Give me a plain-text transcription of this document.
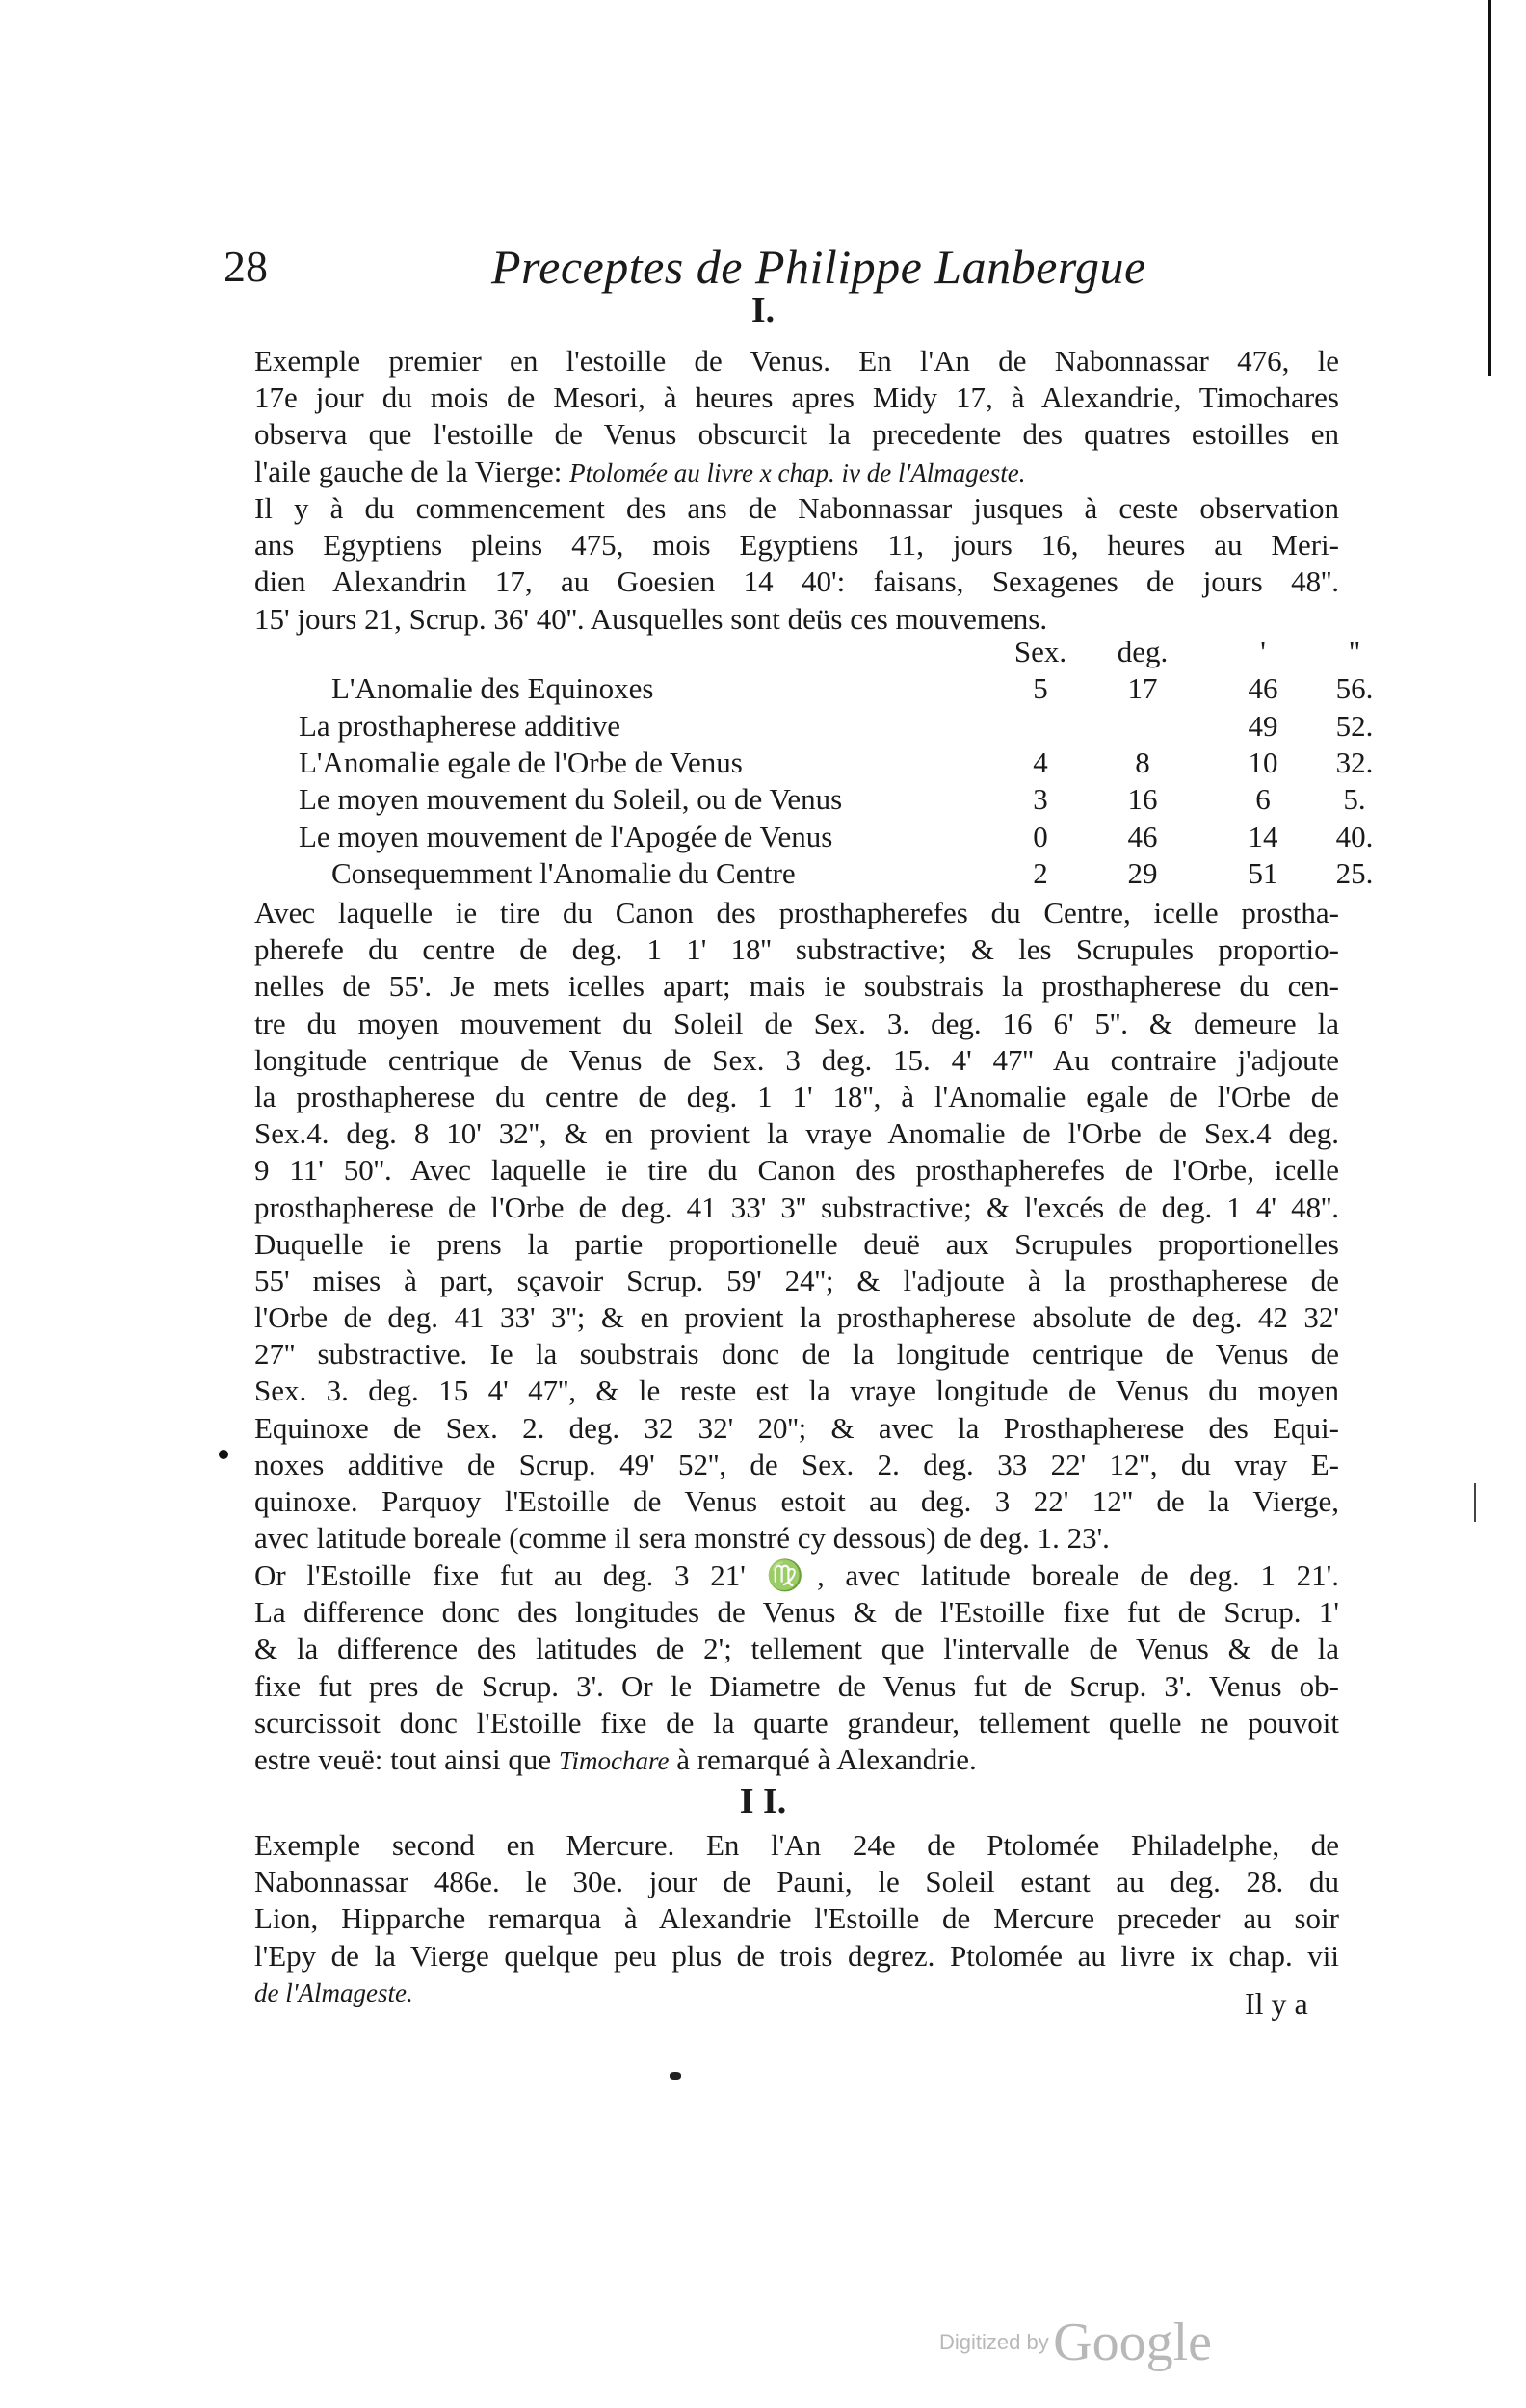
28	Preceptes de Philippe Lanbergue
I.
Exemple premier en l'estoille de Venus. En l'An de Nabonnassar 476, le
17e jour du mois de Mesori, à heures apres Midy 17, à Alexandrie, Timochares
observa que l'estoille de Venus obscurcit la precedente des quatres estoilles en
l'aile gauche de la Vierge: Ptolomée au livre x chap. iv de l'Almageste.
Il y à du commencement des ans de Nabonnassar jusques à ceste observation
ans Egyptiens pleins 475, mois Egyptiens 11, jours 16, heures au Meri-
dien Alexandrin 17, au Goesien 14 40': faisans, Sexagenes de jours 48''.
15' jours 21, Scrup. 36' 40''. Ausquelles sont deüs ces mouvemens.
	Sex.	deg.	'	''
L'Anomalie des Equinoxes	5	17	46	56.
La prosthapherese additive			49	52.
L'Anomalie egale de l'Orbe de Venus	4	8	10	32.
Le moyen mouvement du Soleil, ou de Venus	3	16	6	5.
Le moyen mouvement de l'Apogée de Venus	0	46	14	40.
Consequemment l'Anomalie du Centre	2	29	51	25.
Avec laquelle ie tire du Canon des prosthapherefes du Centre, icelle prostha-
pherefe du centre de deg. 1 1' 18'' substractive; & les Scrupules proportio-
nelles de 55'. Je mets icelles apart; mais ie soubstrais la prosthapherese du cen-
tre du moyen mouvement du Soleil de Sex. 3. deg. 16 6' 5''. & demeure la
longitude centrique de Venus de Sex. 3 deg. 15. 4' 47'' Au contraire j'adjoute
la prosthapherese du centre de deg. 1 1' 18'', à l'Anomalie egale de l'Orbe de
Sex.4. deg. 8 10' 32'', & en provient la vraye Anomalie de l'Orbe de Sex.4 deg.
9 11' 50''. Avec laquelle ie tire du Canon des prosthapherefes de l'Orbe, icelle
prosthapherese de l'Orbe de deg. 41 33' 3'' substractive; & l'excés de deg. 1 4' 48''.
Duquelle ie prens la partie proportionelle deuë aux Scrupules proportionelles
55' mises à part, sçavoir Scrup. 59' 24''; & l'adjoute à la prosthapherese de
l'Orbe de deg. 41 33' 3''; & en provient la prosthapherese absolute de deg. 42 32'
27'' substractive. Ie la soubstrais donc de la longitude centrique de Venus de
Sex. 3. deg. 15 4' 47'', & le reste est la vraye longitude de Venus du moyen
Equinoxe de Sex. 2. deg. 32 32' 20''; & avec la Prosthapherese des Equi-
noxes additive de Scrup. 49' 52'', de Sex. 2. deg. 33 22' 12'', du vray E-
quinoxe. Parquoy l'Estoille de Venus estoit au deg. 3 22' 12'' de la Vierge,
avec latitude boreale (comme il sera monstré cy dessous) de deg. 1. 23'.
Or l'Estoille fixe fut au deg. 3 21' ♍, avec latitude boreale de deg. 1 21'.
La difference donc des longitudes de Venus & de l'Estoille fixe fut de Scrup. 1'
& la difference des latitudes de 2'; tellement que l'intervalle de Venus & de la
fixe fut pres de Scrup. 3'. Or le Diametre de Venus fut de Scrup. 3'. Venus ob-
scurcissoit donc l'Estoille fixe de la quarte grandeur, tellement quelle ne pouvoit
estre veuë: tout ainsi que Timochare à remarqué à Alexandrie.
I I.
Exemple second en Mercure. En l'An 24e de Ptolomée Philadelphe, de
Nabonnassar 486e. le 30e. jour de Pauni, le Soleil estant au deg. 28. du
Lion, Hipparche remarqua à Alexandrie l'Estoille de Mercure preceder au soir
l'Epy de la Vierge quelque peu plus de trois degrez. Ptolomée au livre ix chap. vii
de l'Almageste.	Il y a
Digitized by Google
